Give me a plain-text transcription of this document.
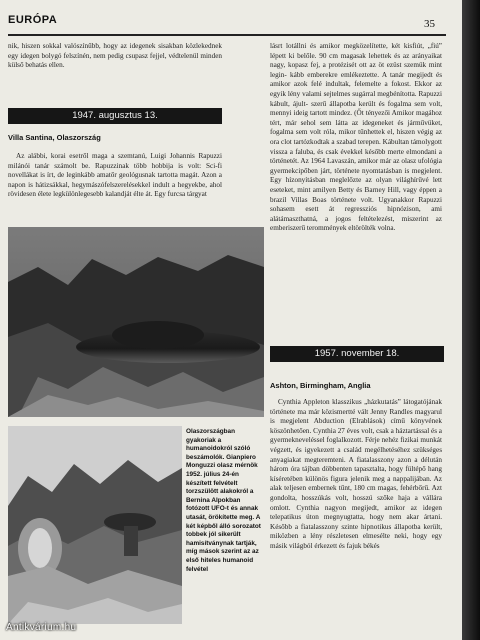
EURÓPA	35

nik, hiszen sokkal valószínűbb, hogy az idegenek sisakban közlekednek egy idegen bolygó felszínén, nem pedig csupasz fejjel, védtelenül minden külső behatás ellen.

1947. augusztus 13.
Villa Santina, Olaszország

Az alábbi, korai esetről maga a szemtanú, Luigi Johannis Rapuzzi milánói tanár számolt be. Rapuzzinak több hobbija is volt: Sci-fi novellákat is írt, de leginkább amatőr geológusnak tartotta magát. Azon a napon is hátizsákkal, hegymászófelszerelésekkel indult a hegyekbe, ahol rövidesen élete legkülönlegesebb kalandját élte át. Egy furcsa tárgyat

Olaszországban gyakoriak a humanoidokról szóló beszámolók. Gianpiero Monguzzi olasz mérnök 1952. július 24-én készített felvételt torzszülött alakokról a Bernina Alpokban fotózott UFO-t és annak utasát, örökítette meg. A két képből álló sorozatot tobbek jól sikerült hamisítványnak tartják, míg mások szerint az az első hiteles humanoid felvétel

lásrt lotállni és amikor megközelítette, két kisfiút, „fiú” lépett ki belőle. 90 cm magasak lehettek és az arányaikat nagy, kopasz fej, a protézisét ott az öt ezüst szemük mint legin- kább emberekre emlékeztette. A tanár megijedt és amikor azok felé indultak, felemelte a fokost. Ekkor az egyik lény valami sejtelmes sugárral megbénította. Rapuzzi kábult, ájult- szerű állapotba került és fogalma sem volt, mennyi ideig tartott mindez. (Őt tényezői Amikor magához tért, már sehol sem látta az idegeneket és járművüket, fogalma sem volt róla, mikor tűnhettek el, hiszen végig az ora clot tartózkodtak a szabad terepen. Kábultan támolygott vissza a faluba, és csak évekkel később merte elmondani a történetét. Az 1964 Lavaszán, amikor már az olasz ufológia gyermekcipőben járt, története nyomtatásban is megjelent. Egy hízonyításban meglelőzte az olyan világhírűvé lett eseteket, mint amilyen Betty és Barney Hill, vagy éppen a brazil Villas Boas története volt. Ugyanakkor Rapuzzi sohasem esett át regressziós hipnózison, ami alátámaszthatná, a jogos feltételezést, miszerint az emberiszerű terommények eltörölték volna.

1957. november 18.
Ashton, Birmingham, Anglia

Cynthia Appleton klasszikus „házkutatás” látogatójának története ma már közismertté vált Jenny Randles magyarul is megjelent Abduction (Elrablások) című könyvének köszönhetően. Cynthia 27 éves volt, csak a háztartással és a gyermekneveléssel foglalkozott. Férje nehéz fizikai munkát végzett, és igyekezett a család megélhetéséhez szükséges anyagiakat megteremteni. A fiatalasszony azon a délután három óra tájban döbbenten tapasztalta, hogy fültépő hang kíséretében különös figura jelenik meg a nappalijában. Az alak teljesen embernek tűnt, 180 cm magas, fehérbőrű. Azt gondolta, hosszúkás volt, hosszú szőke haja a vállára omlott. Cynthia nagyon megijedt, amikor az idegen telepatikus úton megnyugtatta, hogy nem akar ártani. Később a fiatalasszony szinte hipnotikus állapotba került, miközben a lény részletesen elmesélte neki, hogy egy másik világból érkezett és fajuk békés

Antikvárium.hu
